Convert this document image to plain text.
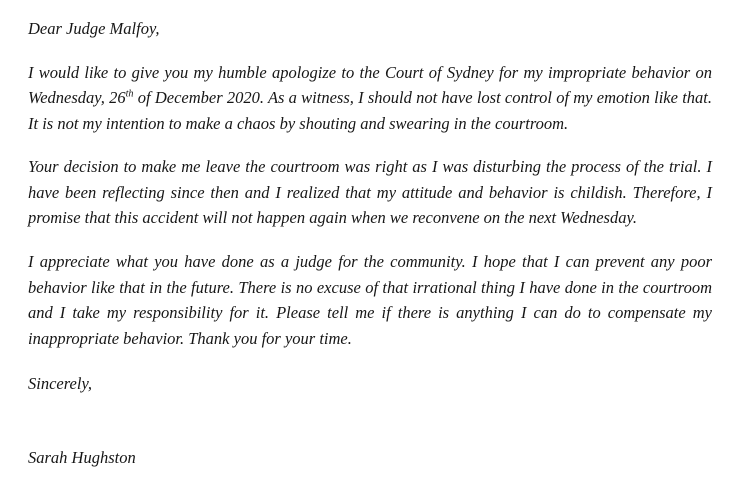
Dear Judge Malfoy,

I would like to give you my humble apologize to the Court of Sydney for my impropriate behavior on Wednesday, 26th of December 2020. As a witness, I should not have lost control of my emotion like that. It is not my intention to make a chaos by shouting and swearing in the courtroom.

Your decision to make me leave the courtroom was right as I was disturbing the process of the trial. I have been reflecting since then and I realized that my attitude and behavior is childish. Therefore, I promise that this accident will not happen again when we reconvene on the next Wednesday.

I appreciate what you have done as a judge for the community. I hope that I can prevent any poor behavior like that in the future. There is no excuse of that irrational thing I have done in the courtroom and I take my responsibility for it. Please tell me if there is anything I can do to compensate my inappropriate behavior. Thank you for your time.

Sincerely,

Sarah Hughston
